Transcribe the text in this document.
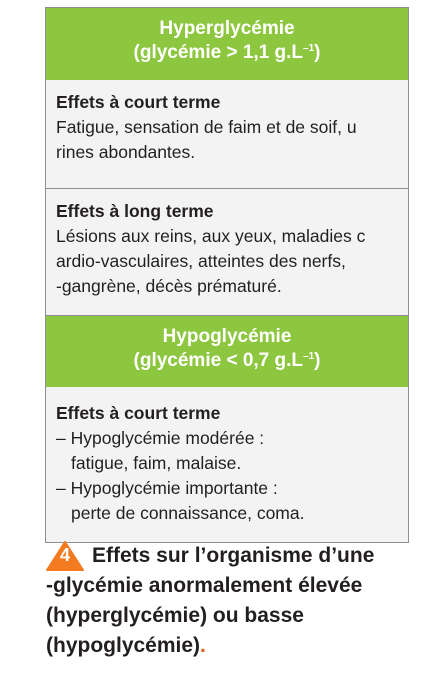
Hyperglycémie
(glycémie > 1,1 $g.L^{-1}$)
Effets à court terme
Fatigue, sensation de faim et de soif, u
rines abondantes.
Effets à long terme
Lésions aux reins, aux yeux, maladies c
ardio-vasculaires, atteintes des nerfs,
-gangrène, décès prématuré.
Hypoglycémie
(glycémie < 0,7 $g.L^{-1}$)
Effets à court terme
– Hypoglycémie modérée :
fatigue, faim, malaise.
– Hypoglycémie importante :
perte de connaissance, coma.
4	Effets sur l’organisme d’une
-glycémie anormalement élevée
(hyperglycémie) ou basse
(hypoglycémie).
